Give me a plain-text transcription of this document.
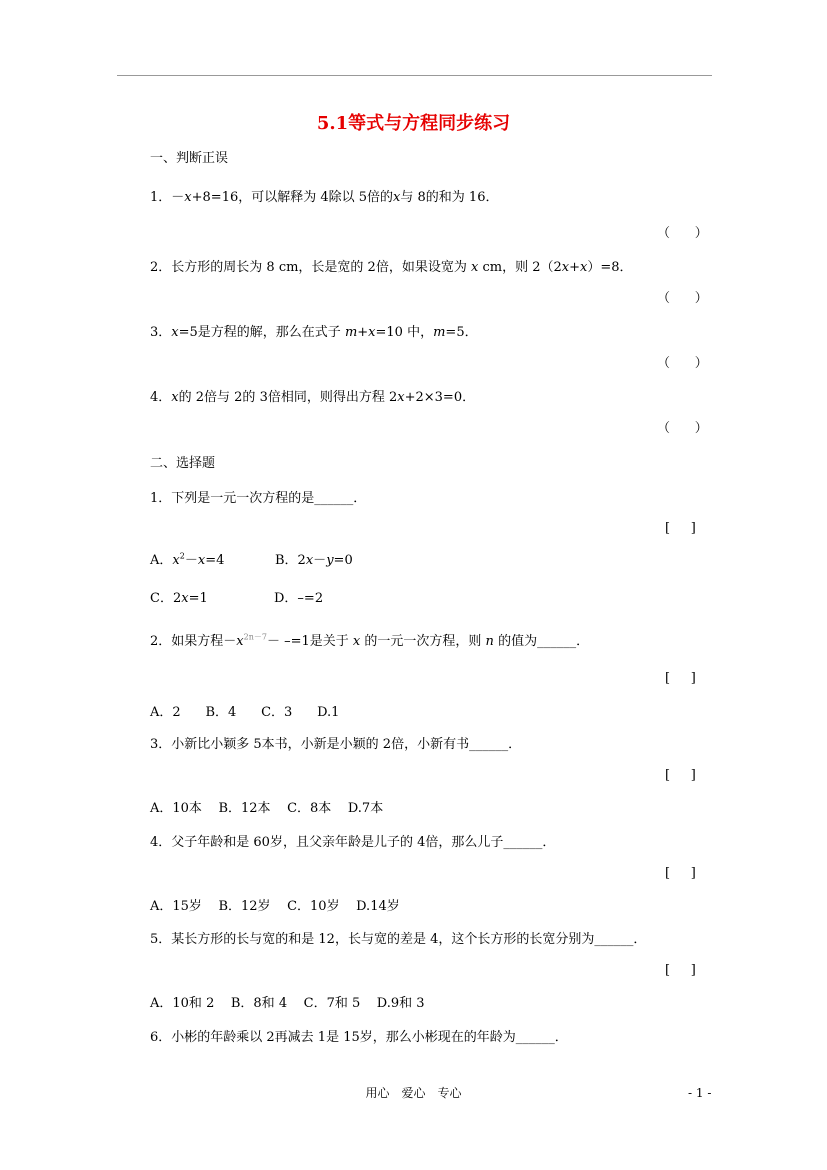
5.1等式与方程同步练习
一、判断正误
1．－x+8=16，可以解释为 4除以 5倍的x与 8的和为 16．
（      ）
2．长方形的周长为 8 cm，长是宽的 2倍，如果设宽为 x cm，则 2（2x+x）=8．
（      ）
3．x=5是方程的解，那么在式子 m+x=10 中，m=5．
（      ）
4．x的 2倍与 2的 3倍相同，则得出方程 2x+2×3=0．
（      ）
二、选择题
1．下列是一元一次方程的是______．
[     ]
A．$x^2-x=4$	B．2x－y=0
C．2x=1	D．–=2
2．如果方程$-x^{2n-7}- -=1$是关于 x 的一元一次方程，则 n 的值为______．
[     ]
A．2      B．4      C．3      D.1
3．小新比小颖多 5本书，小新是小颖的 2倍，小新有书______．
[     ]
A．10本    B．12本    C．8本    D.7本
4．父子年龄和是 60岁，且父亲年龄是儿子的 4倍，那么儿子______．
[     ]
A．15岁    B．12岁    C．10岁    D.14岁
5．某长方形的长与宽的和是 12，长与宽的差是 4，这个长方形的长宽分别为______．
[     ]
A．10和 2    B．8和 4    C．7和 5    D.9和 3
6．小彬的年龄乘以 2再减去 1是 15岁，那么小彬现在的年龄为______．
用心　爱心　专心	- 1 -
